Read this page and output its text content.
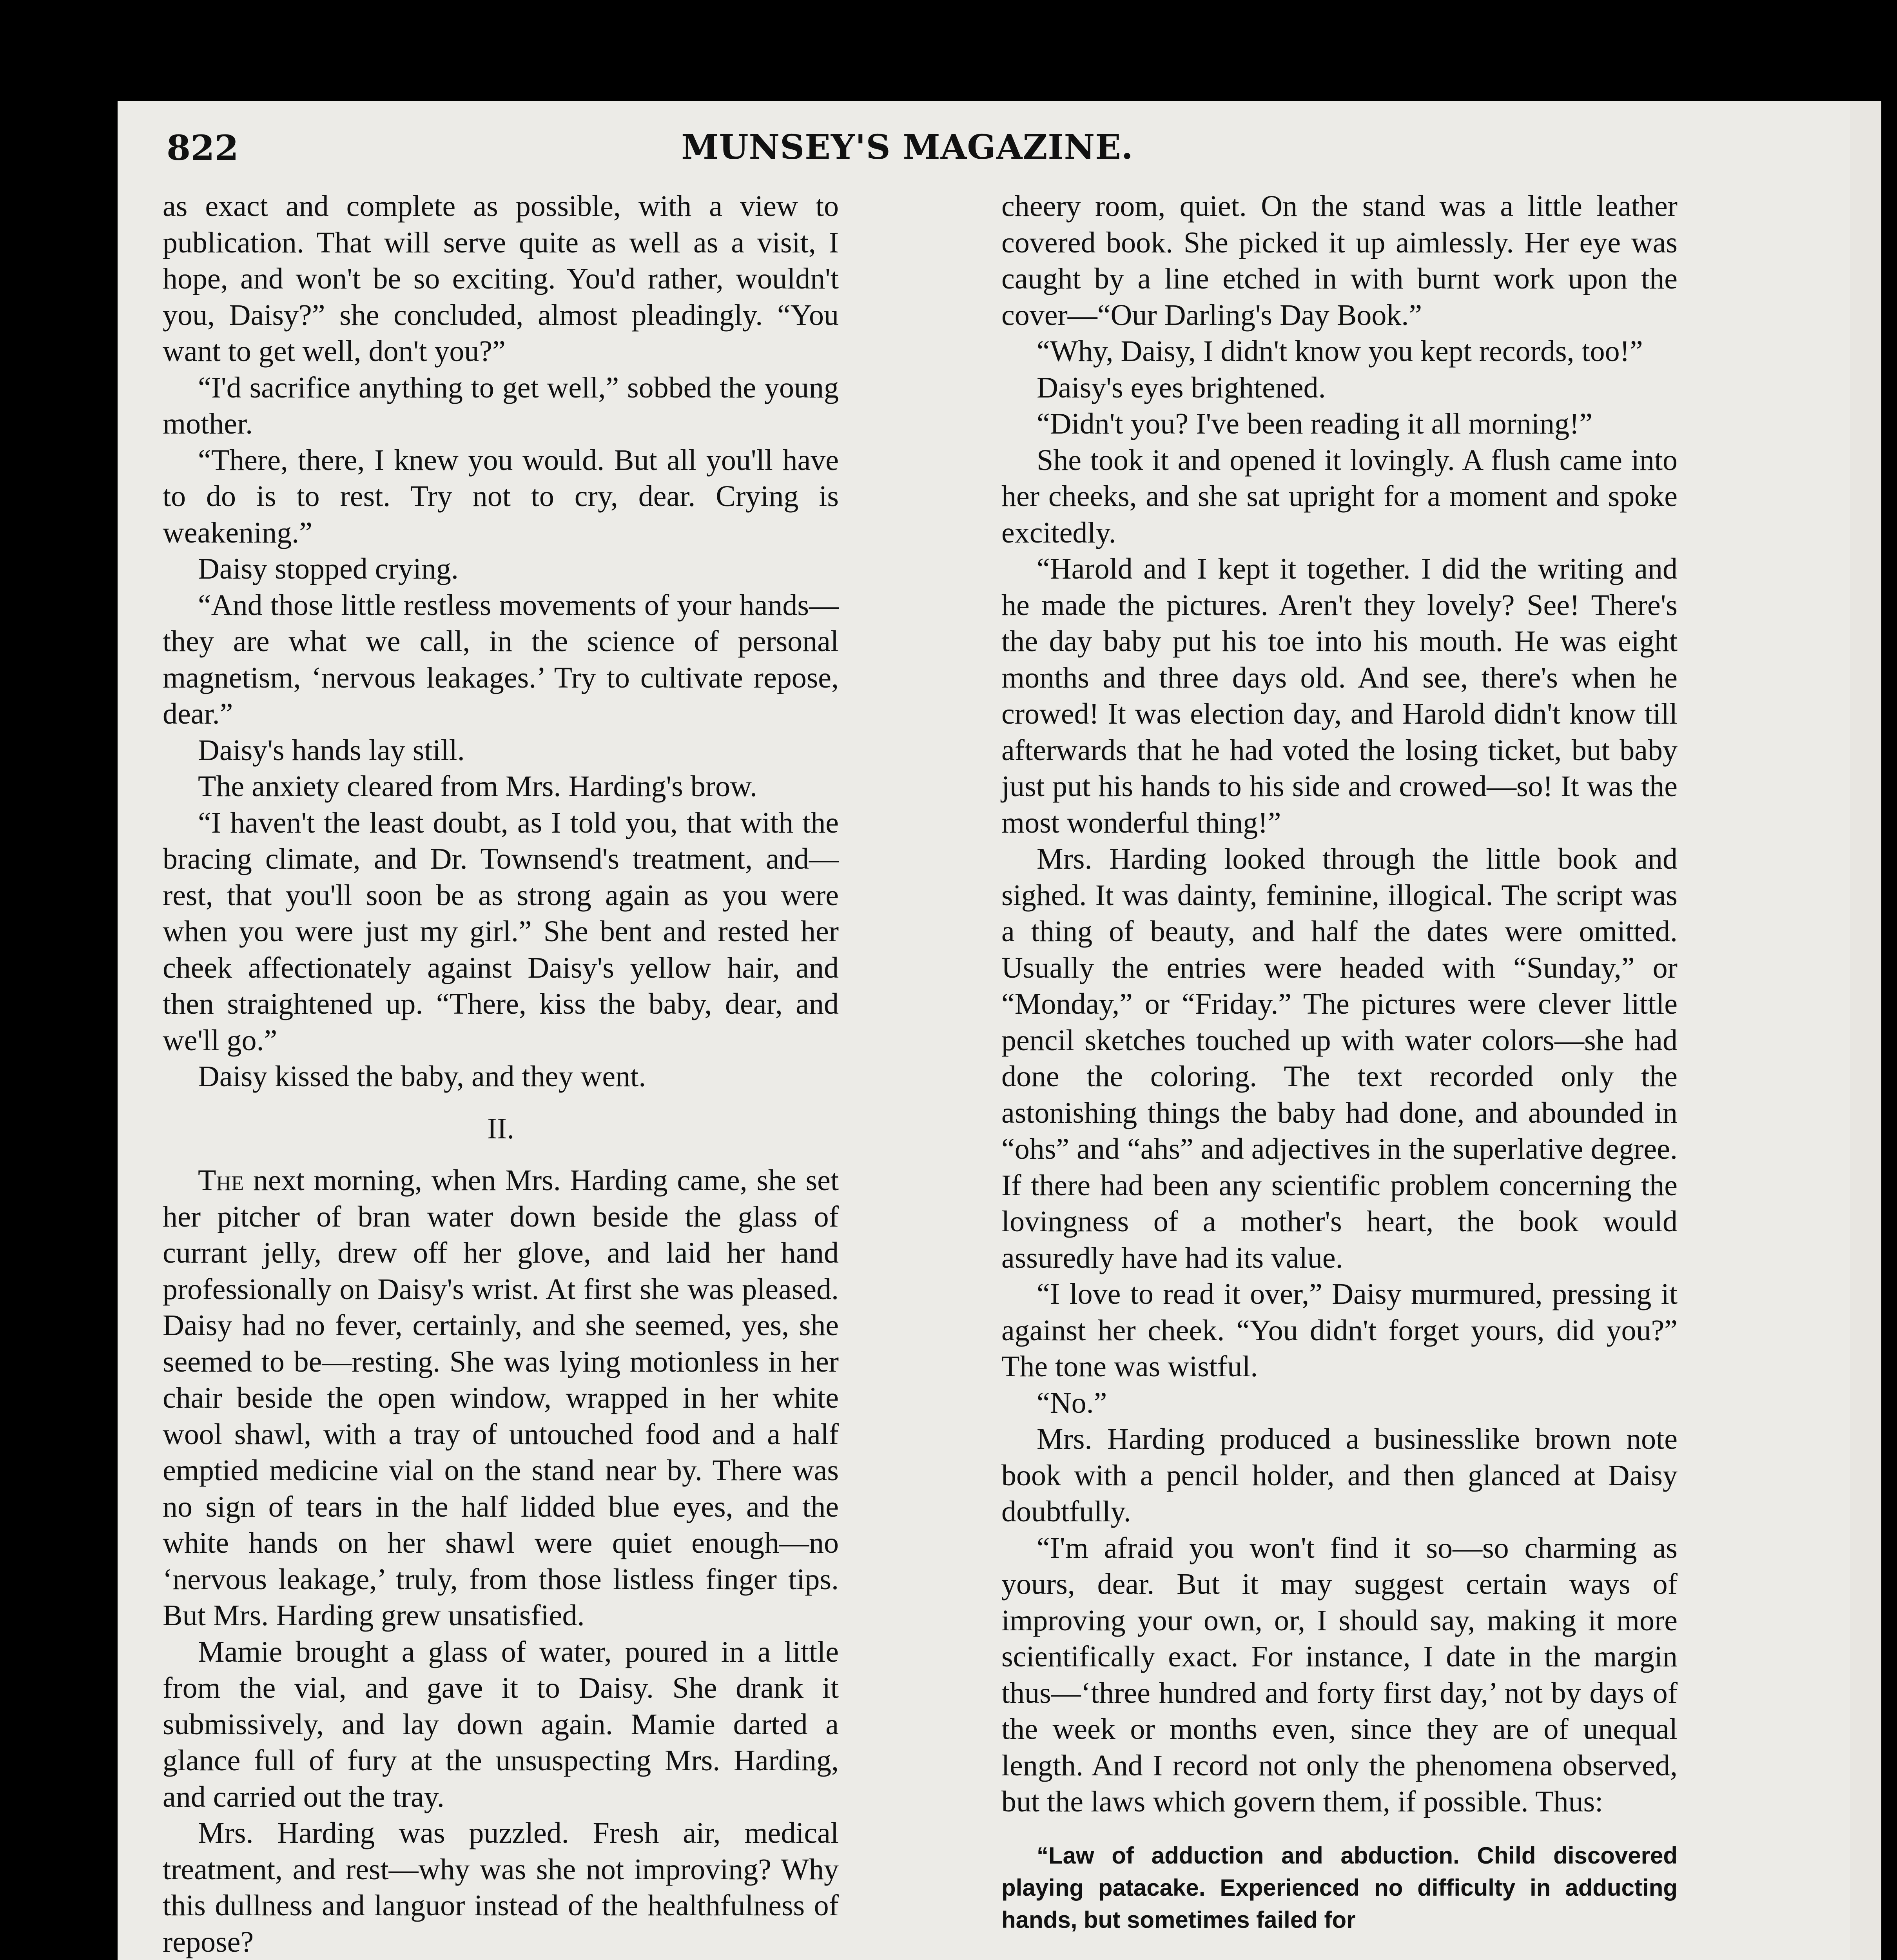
822	MUNSEY'S MAGAZINE.

as exact and complete as possible, with a view to publication. That will serve quite as well as a visit, I hope, and won't be so exciting. You'd rather, wouldn't you, Daisy?” she concluded, almost pleadingly. “You want to get well, don't you?”

“I'd sacrifice anything to get well,” sobbed the young mother.

“There, there, I knew you would. But all you'll have to do is to rest. Try not to cry, dear. Crying is weakening.”

Daisy stopped crying.

“And those little restless movements of your hands—they are what we call, in the science of personal magnetism, ‘nervous leakages.’ Try to cultivate repose, dear.”

Daisy's hands lay still.

The anxiety cleared from Mrs. Harding's brow.

“I haven't the least doubt, as I told you, that with the bracing climate, and Dr. Townsend's treatment, and—rest, that you'll soon be as strong again as you were when you were just my girl.” She bent and rested her cheek affectionately against Daisy's yellow hair, and then straightened up. “There, kiss the baby, dear, and we'll go.”

Daisy kissed the baby, and they went.

II.

The next morning, when Mrs. Harding came, she set her pitcher of bran water down beside the glass of currant jelly, drew off her glove, and laid her hand professionally on Daisy's wrist. At first she was pleased. Daisy had no fever, certainly, and she seemed, yes, she seemed to be—resting. She was lying motionless in her chair beside the open window, wrapped in her white wool shawl, with a tray of untouched food and a half emptied medicine vial on the stand near by. There was no sign of tears in the half lidded blue eyes, and the white hands on her shawl were quiet enough—no ‘nervous leakage,’ truly, from those listless finger tips. But Mrs. Harding grew unsatisfied.

Mamie brought a glass of water, poured in a little from the vial, and gave it to Daisy. She drank it submissively, and lay down again. Mamie darted a glance full of fury at the unsuspecting Mrs. Harding, and carried out the tray.

Mrs. Harding was puzzled. Fresh air, medical treatment, and rest—why was she not improving? Why this dullness and languor instead of the healthfulness of repose?

cheery room, quiet. On the stand was a little leather covered book. She picked it up aimlessly. Her eye was caught by a line etched in with burnt work upon the cover—“Our Darling's Day Book.”

“Why, Daisy, I didn't know you kept records, too!”

Daisy's eyes brightened.

“Didn't you? I've been reading it all morning!”

She took it and opened it lovingly. A flush came into her cheeks, and she sat upright for a moment and spoke excitedly.

“Harold and I kept it together. I did the writing and he made the pictures. Aren't they lovely? See! There's the day baby put his toe into his mouth. He was eight months and three days old. And see, there's when he crowed! It was election day, and Harold didn't know till afterwards that he had voted the losing ticket, but baby just put his hands to his side and crowed—so! It was the most wonderful thing!”

Mrs. Harding looked through the little book and sighed. It was dainty, feminine, illogical. The script was a thing of beauty, and half the dates were omitted. Usually the entries were headed with “Sunday,” or “Monday,” or “Friday.” The pictures were clever little pencil sketches touched up with water colors—she had done the coloring. The text recorded only the astonishing things the baby had done, and abounded in “ohs” and “ahs” and adjectives in the superlative degree. If there had been any scientific problem concerning the lovingness of a mother's heart, the book would assuredly have had its value.

“I love to read it over,” Daisy murmured, pressing it against her cheek. “You didn't forget yours, did you?” The tone was wistful.

“No.”

Mrs. Harding produced a businesslike brown note book with a pencil holder, and then glanced at Daisy doubtfully.

“I'm afraid you won't find it so—so charming as yours, dear. But it may suggest certain ways of improving your own, or, I should say, making it more scientifically exact. For instance, I date in the margin thus—‘three hundred and forty first day,’ not by days of the week or months even, since they are of unequal length. And I record not only the phenomena observed, but the laws which govern them, if possible. Thus:

“Law of adduction and abduction. Child discovered playing patacake. Experienced no difficulty in adducting hands, but sometimes failed for
